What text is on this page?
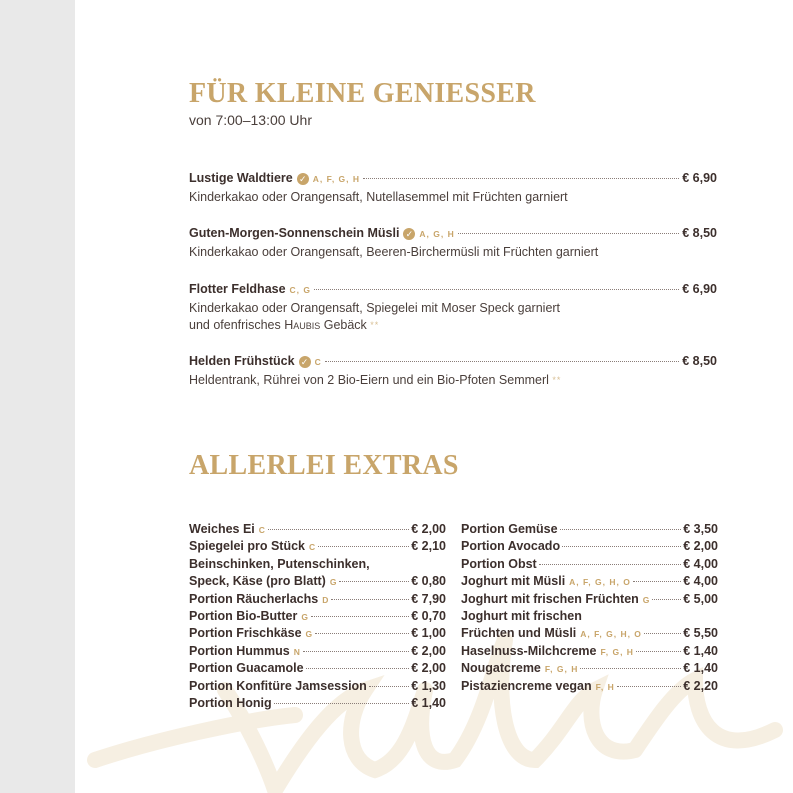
FÜR KLEINE GENIESSER
von 7:00–13:00 Uhr
Lustige Waldtiere ✓ A, F, G, H	€ 6,90
Kinderkakao oder Orangensaft, Nutellasemmel mit Früchten garniert
Guten-Morgen-Sonnenschein Müsli ✓ A, G, H	€ 8,50
Kinderkakao oder Orangensaft, Beeren-Birchermüsli mit Früchten garniert
Flotter Feldhase C, G	€ 6,90
Kinderkakao oder Orangensaft, Spiegelei mit Moser Speck garniert
und ofenfrisches Haubis Gebäck **
Helden Frühstück ✓ C	€ 8,50
Heldentrank, Rührei von 2 Bio-Eiern und ein Bio-Pfoten Semmerl **
ALLERLEI EXTRAS
Weiches Ei C	€ 2,00
Spiegelei pro Stück C	€ 2,10
Beinschinken, Putenschinken,
Speck, Käse (pro Blatt) G	€ 0,80
Portion Räucherlachs D	€ 7,90
Portion Bio-Butter G	€ 0,70
Portion Frischkäse G	€ 1,00
Portion Hummus N	€ 2,00
Portion Guacamole	€ 2,00
Portion Konfitüre Jamsession	€ 1,30
Portion Honig	€ 1,40
Portion Gemüse	€ 3,50
Portion Avocado	€ 2,00
Portion Obst	€ 4,00
Joghurt mit Müsli A, F, G, H, O	€ 4,00
Joghurt mit frischen Früchten G	€ 5,00
Joghurt mit frischen
Früchten und Müsli A, F, G, H, O	€ 5,50
Haselnuss-Milchcreme F, G, H	€ 1,40
Nougatcreme F, G, H	€ 1,40
Pistaziencreme vegan F, H	€ 2,20
